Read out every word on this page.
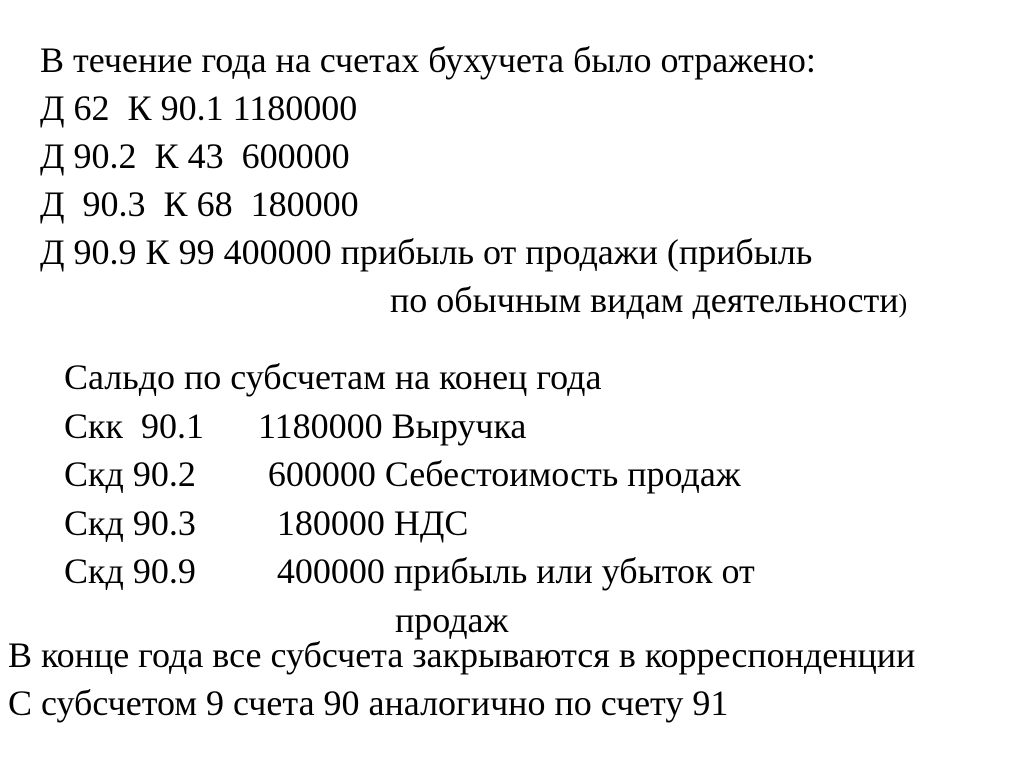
В течение года на счетах бухучета было отражено:
Д 62  К 90.1 1180000
Д 90.2  К 43  600000
Д  90.3  К 68  180000
Д 90.9 К 99 400000 прибыль от продажи (прибыль
по обычным видам деятельности)
Сальдо по субсчетам на конец года
Скк  90.1      1180000 Выручка
Скд 90.2        600000 Себестоимость продаж
Скд 90.3         180000 НДС
Скд 90.9         400000 прибыль или убыток от
продаж
В конце года все субсчета закрываются в корреспонденции
С субсчетом 9 счета 90 аналогично по счету 91
